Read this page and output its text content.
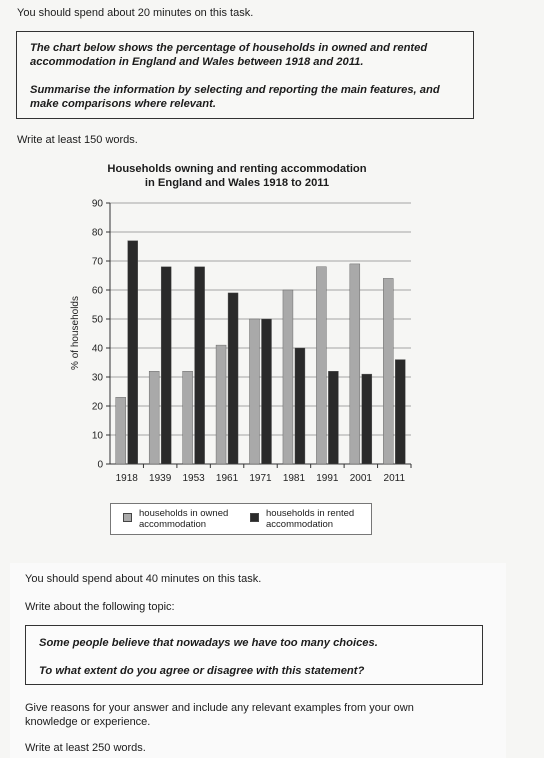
You should spend about 20 minutes on this task.

The chart below shows the percentage of households in owned and rented accommodation in England and Wales between 1918 and 2011.

Summarise the information by selecting and reporting the main features, and make comparisons where relevant.

Write at least 150 words.

Households owning and renting accommodation
in England and Wales 1918 to 2011
0
10
20
30
40
50
60
70
80
90
1918 1939 1953 1961 1971 1981 1991 2001 2011
% of households
households in owned accommodation
households in rented accommodation

You should spend about 40 minutes on this task.

Write about the following topic:

Some people believe that nowadays we have too many choices.

To what extent do you agree or disagree with this statement?

Give reasons for your answer and include any relevant examples from your own knowledge or experience.

Write at least 250 words.
